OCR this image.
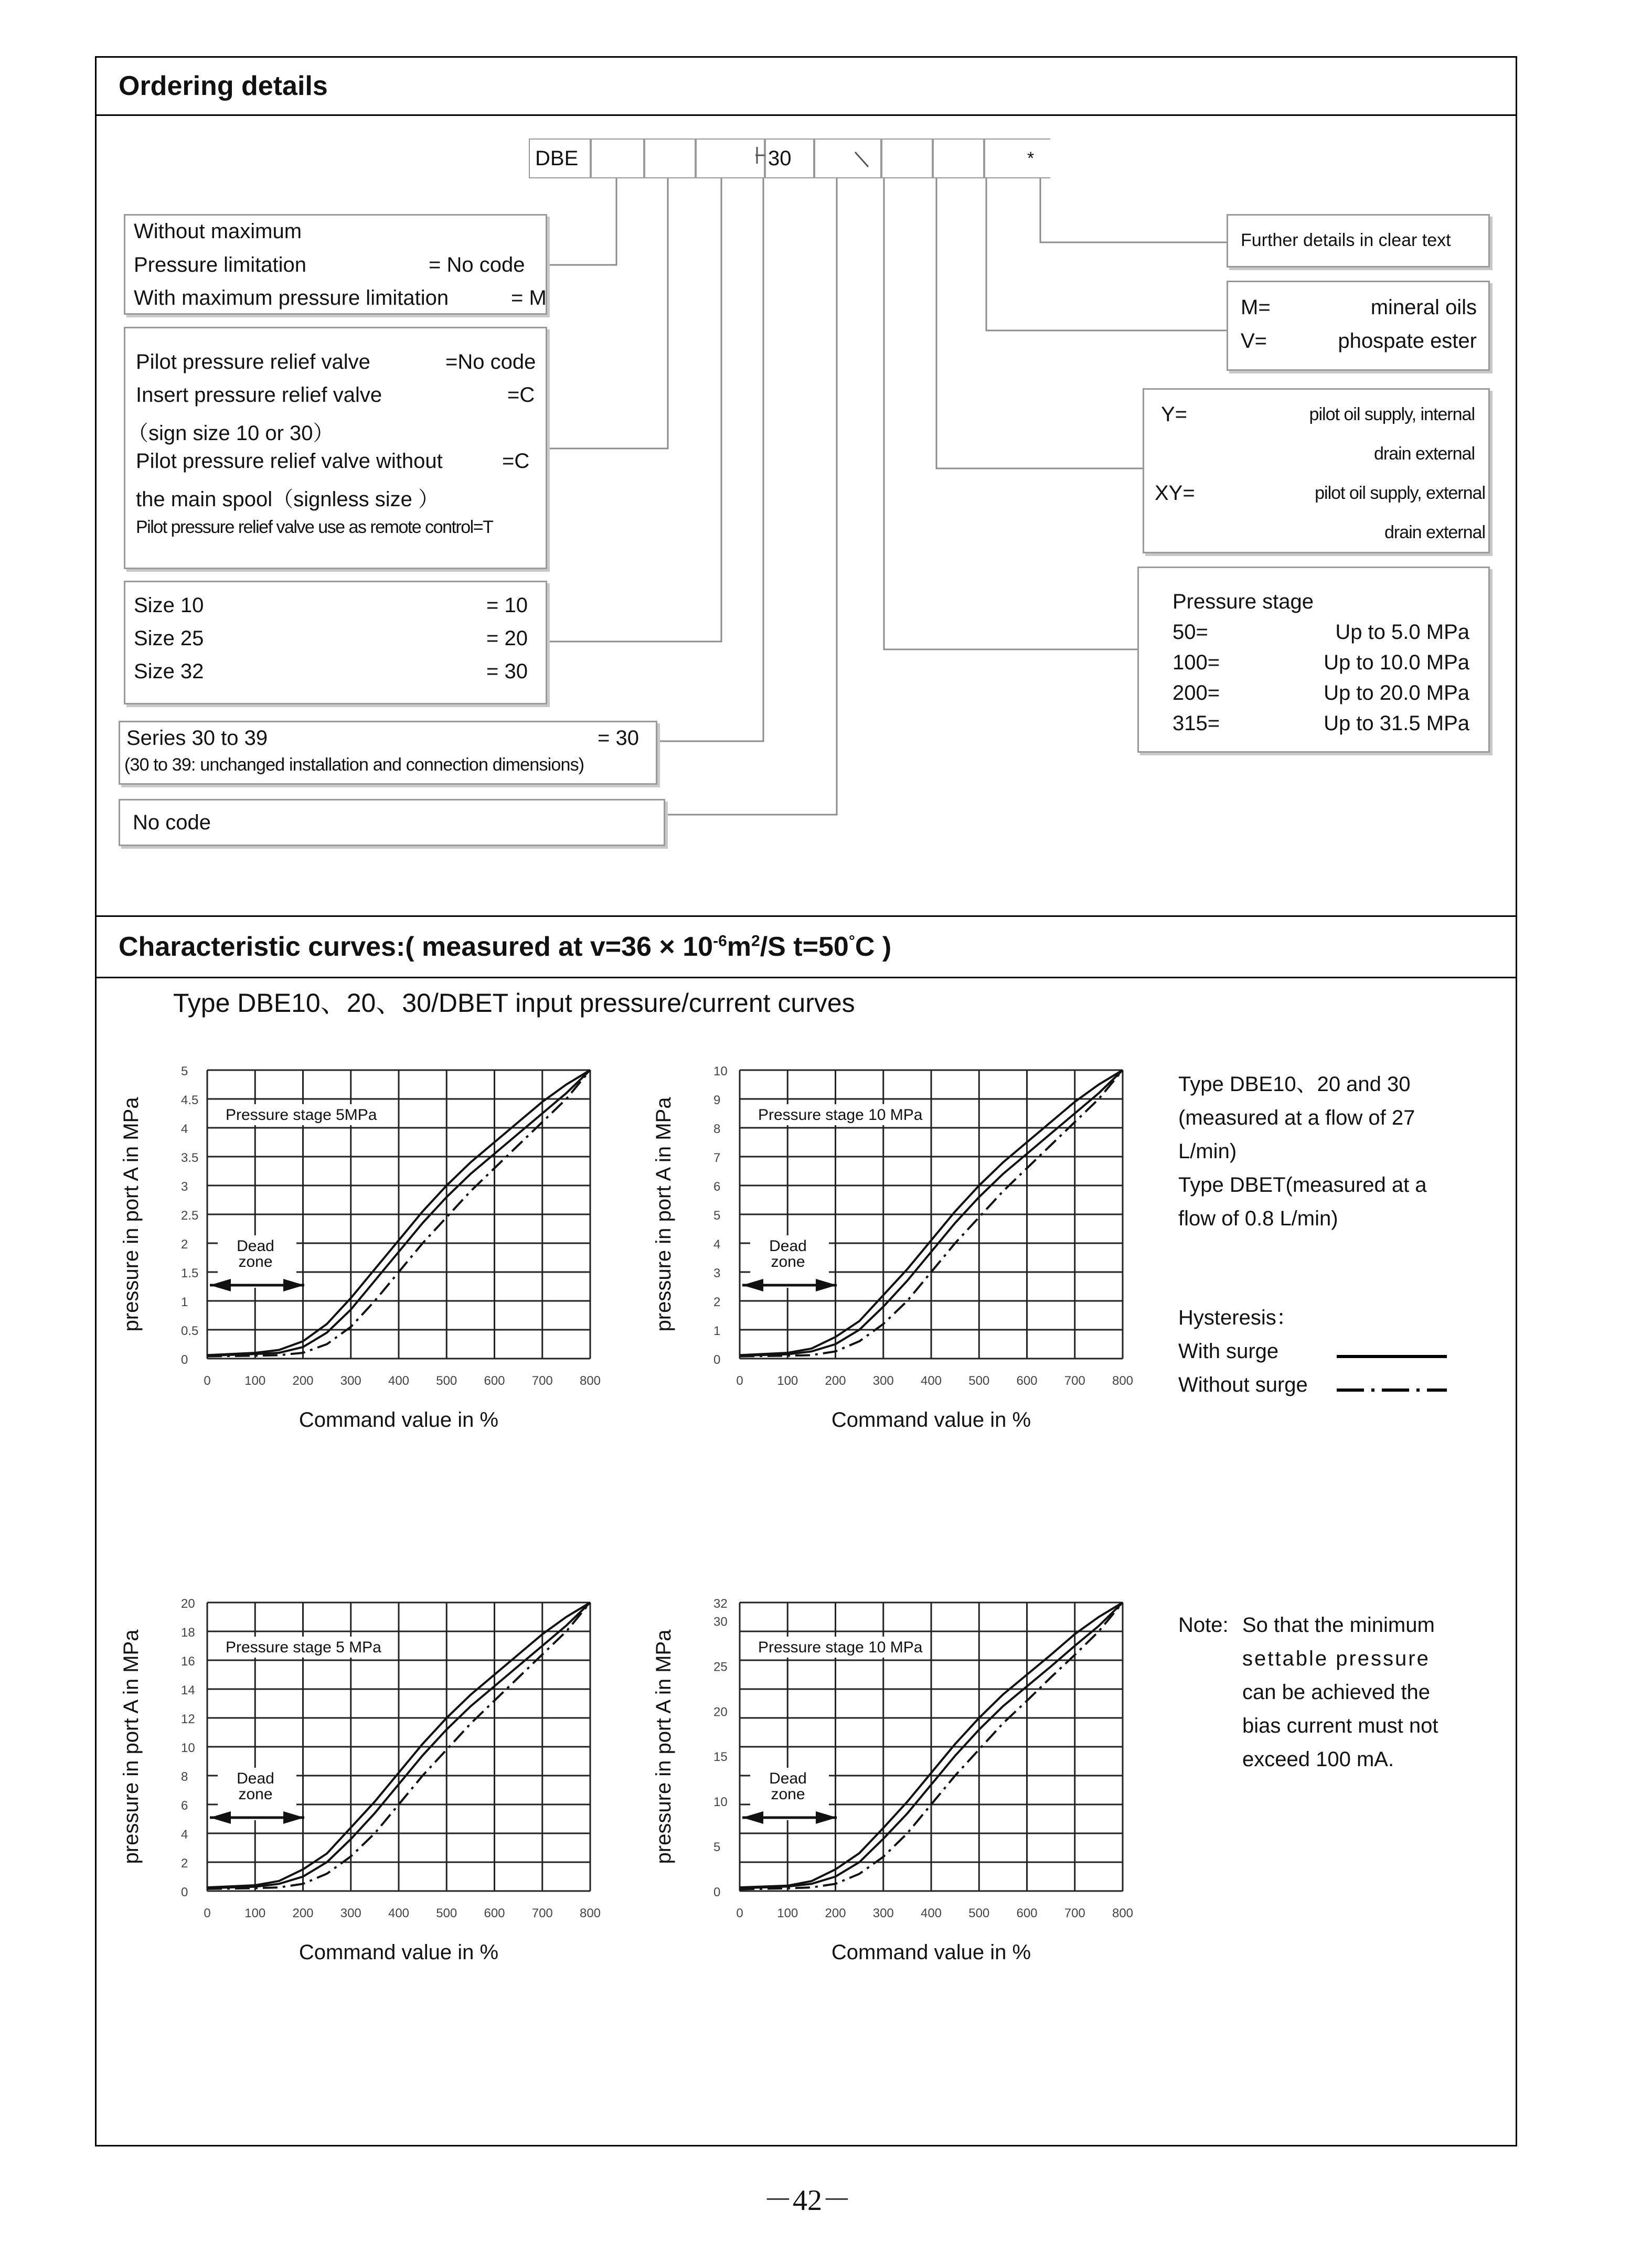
Ordering details
DBE	30	*
Without maximum
Pressure limitation	= No code
With maximum pressure limitation	= M
Pilot pressure relief valve	=No code
Insert pressure relief valve	=C
（sign size 10 or 30）
Pilot pressure relief valve without	=C
the main spool（signless size ）
Pilot pressure relief valve use as remote control=T
Size 10	= 10
Size 25	= 20
Size 32	= 30
Series 30 to 39	= 30
(30 to 39: unchanged installation and connection dimensions)
No code
Further details in clear text
M=	mineral oils
V=	phospate ester
Y=	pilot oil supply, internal
drain external
XY=	pilot oil supply, external
drain external
Pressure stage
50=	Up to 5.0 MPa
100=	Up to 10.0 MPa
200=	Up to 20.0 MPa
315=	Up to 31.5 MPa
Characteristic curves:( measured at $v=36 \times 10^{-6}m^2/S$ t=50°C )
Type DBE10、20、30/DBET input pressure/current curves
Type DBE10、20 and 30
(measured at a flow of 27
L/min)
Type DBET(measured at a
flow of 0.8 L/min)
Hysteresis：
With surge
Without surge
Note: So that the minimum
settable pressure
can be achieved the
bias current must not
exceed 100 mA.
0
0.5
1
1.5
2
2.5
3
3.5
4
4.5
5
0	100 200 300 400 500 600 700 800
Pressure stage 5MPa
Dead
zone
pressure in port A in MPa
Command value in %
0
1
2
3
4
5
6
7
8
9
10
0	100 200 300 400 500 600 700 800
Pressure stage 10 MPa
Dead
zone
pressure in port A in MPa
Command value in %
0
2
4
6
8
10
12
14
16
18
20
0	100 200 300 400 500 600 700 800
Pressure stage 5 MPa
Dead
zone
pressure in port A in MPa
Command value in %
0
5
10
15
20
25
30
32
0	100 200 300 400 500 600 700 800
Pressure stage 10 MPa
Dead
zone
pressure in port A in MPa
Command value in %
－42－
